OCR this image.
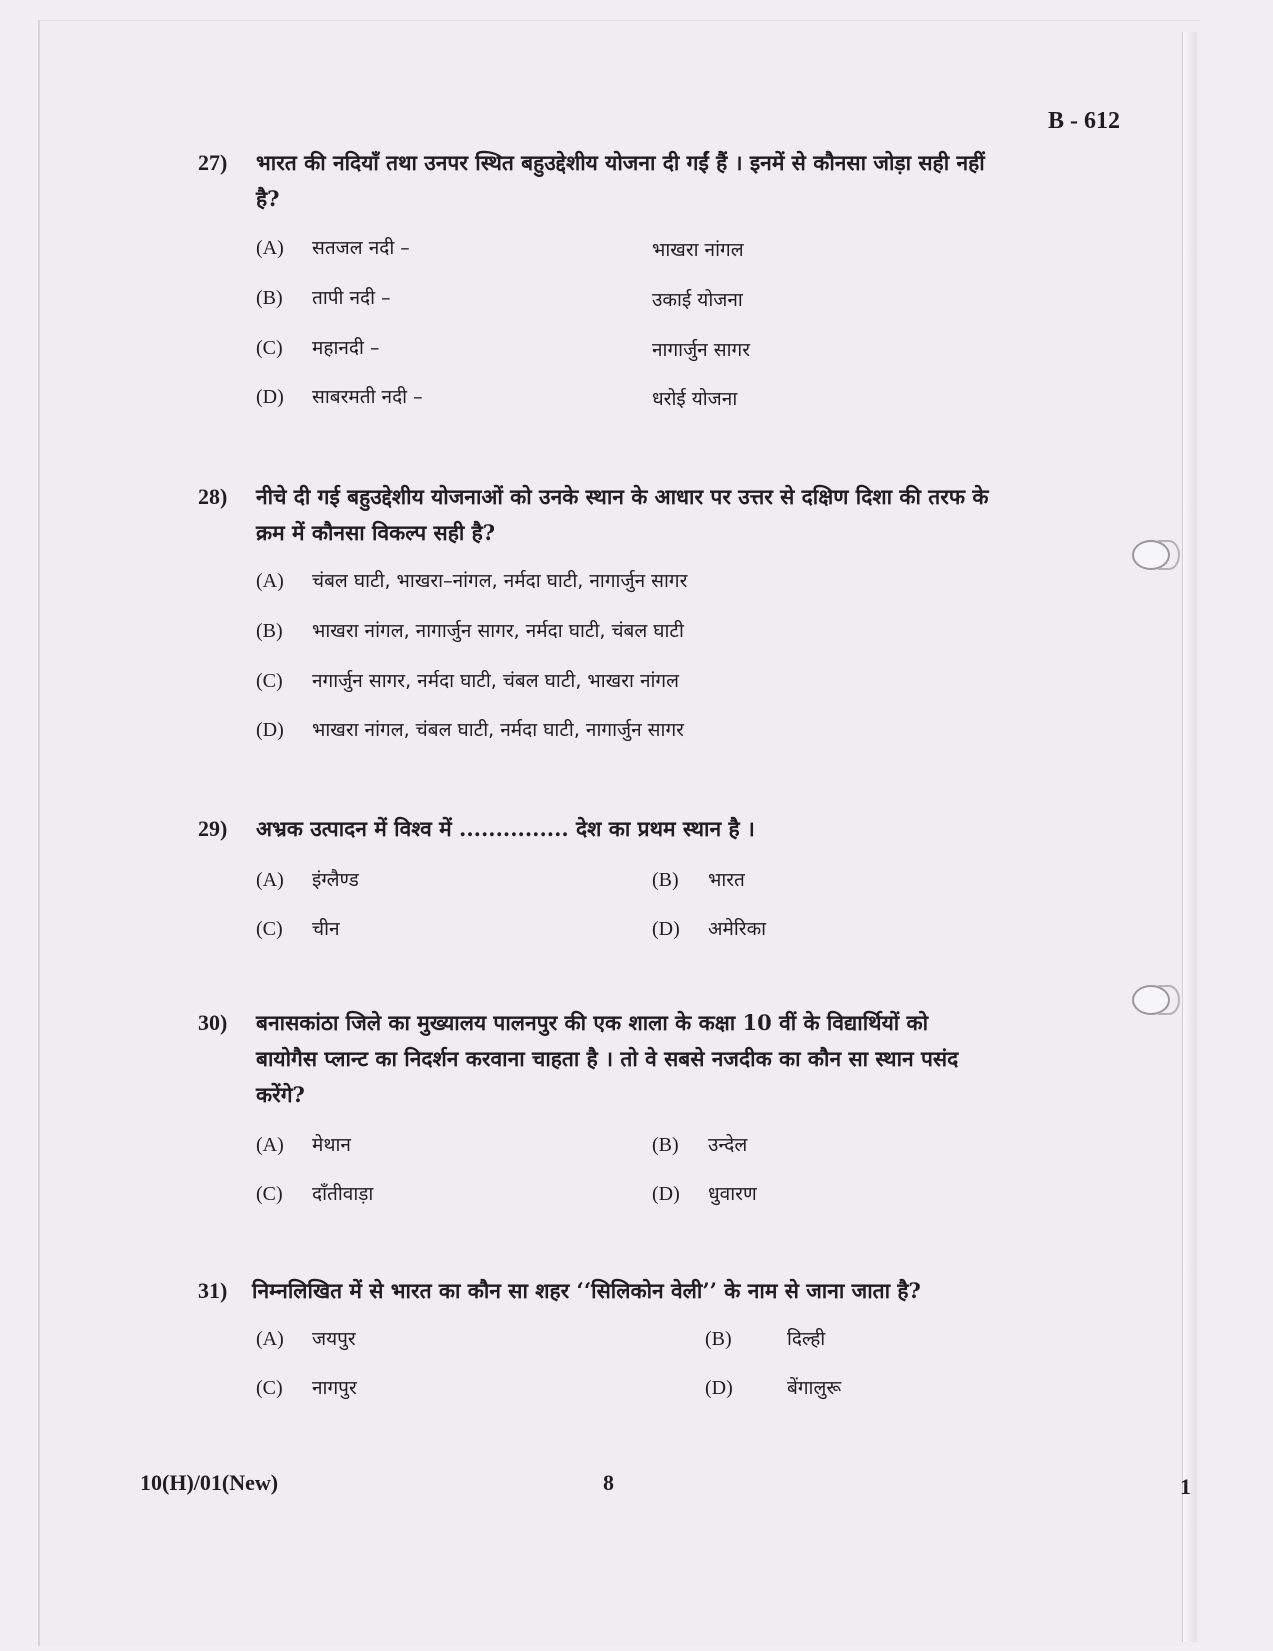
B - 612
27) भारत की नदियाँ तथा उनपर स्थित बहुउद्देशीय योजना दी गईं हैं । इनमें से कौनसा जोड़ा सही नहीं
है?
(A) सतजल नदी –	भाखरा नांगल
(B) तापी नदी –	उकाई योजना
(C) महानदी –	नागार्जुन सागर
(D) साबरमती नदी –	धरोई योजना
28) नीचे दी गई बहुउद्देशीय योजनाओं को उनके स्थान के आधार पर उत्तर से दक्षिण दिशा की तरफ के
क्रम में कौनसा विकल्प सही है?
(A) चंबल घाटी, भाखरा–नांगल, नर्मदा घाटी, नागार्जुन सागर
(B) भाखरा नांगल, नागार्जुन सागर, नर्मदा घाटी, चंबल घाटी
(C) नगार्जुन सागर, नर्मदा घाटी, चंबल घाटी, भाखरा नांगल
(D) भाखरा नांगल, चंबल घाटी, नर्मदा घाटी, नागार्जुन सागर
29) अभ्रक उत्पादन में विश्व में ............... देश का प्रथम स्थान है ।
(A) इंग्लैण्ड	(B) भारत
(C) चीन	(D) अमेरिका
30) बनासकांठा जिले का मुख्यालय पालनपुर की एक शाला के कक्षा 10 वीं के विद्यार्थियों को
बायोगैस प्लान्ट का निदर्शन करवाना चाहता है । तो वे सबसे नजदीक का कौन सा स्थान पसंद
करेंगे?
(A) मेथान	(B) उन्देल
(C) दाँतीवाड़ा	(D) धुवारण
31) निम्नलिखित में से भारत का कौन सा शहर ‘‘सिलिकोन वेली’’ के नाम से जाना जाता है?
(A) जयपुर	(B)	दिल्ही
(C) नागपुर	(D)	बेंगालुरू
10(H)/01(New)	8	1
